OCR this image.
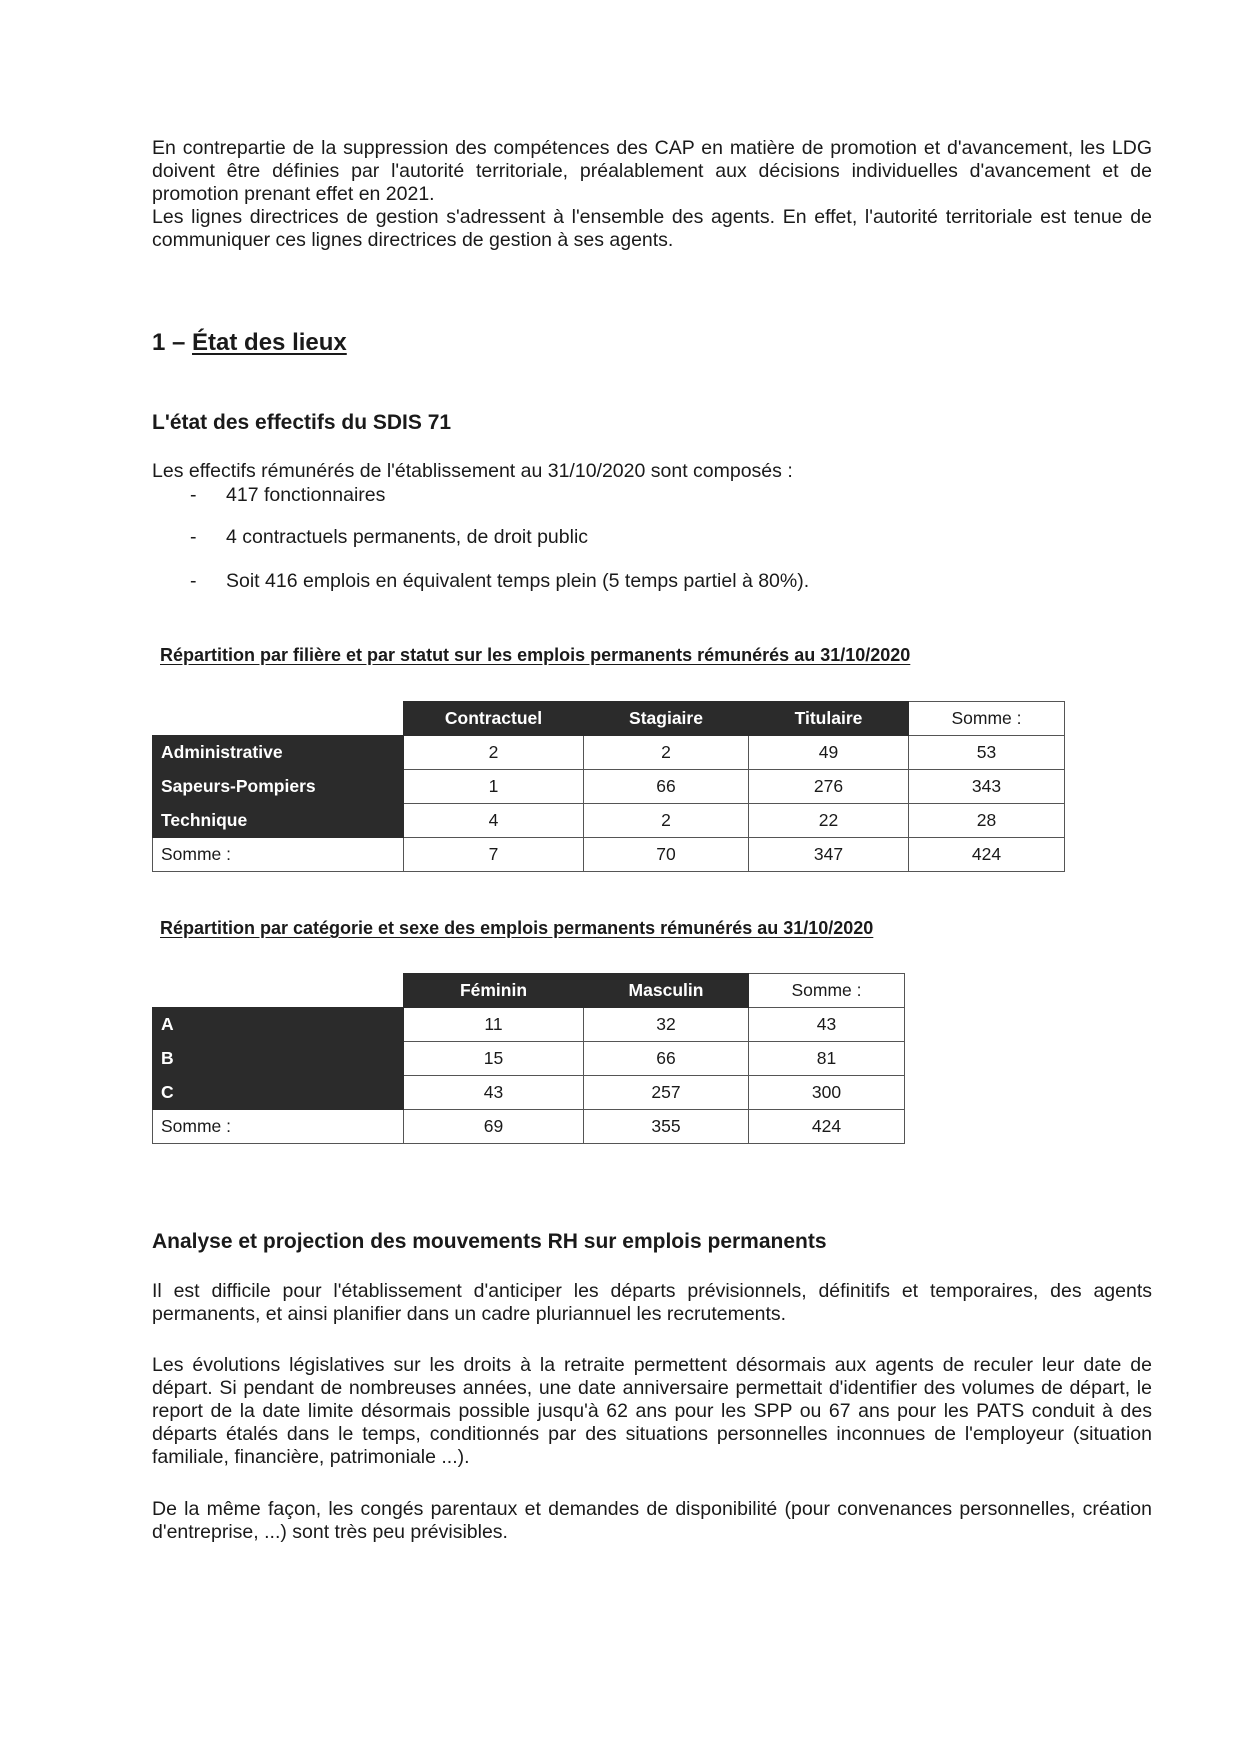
En contrepartie de la suppression des compétences des CAP en matière de promotion et d'avancement, les LDG doivent être définies par l'autorité territoriale, préalablement aux décisions individuelles d'avancement et de promotion prenant effet en 2021.

Les lignes directrices de gestion s'adressent à l'ensemble des agents. En effet, l'autorité territoriale est tenue de communiquer ces lignes directrices de gestion à ses agents.

1 – État des lieux
L'état des effectifs du SDIS 71
Les effectifs rémunérés de l'établissement au 31/10/2020 sont composés :
- 417 fonctionnaires
- 4 contractuels permanents, de droit public
- Soit 416 emplois en équivalent temps plein (5 temps partiel à 80%).
Répartition par filière et par statut sur les emplois permanents rémunérés au 31/10/2020
	Contractuel	Stagiaire	Titulaire	Somme :
Administrative	2	2	49	53
Sapeurs-Pompiers	1	66	276	343
Technique	4	2	22	28
Somme :	7	70	347	424
Répartition par catégorie et sexe des emplois permanents rémunérés au 31/10/2020
	Féminin	Masculin	Somme :
A	11	32	43
B	15	66	81
C	43	257	300
Somme :	69	355	424
Analyse et projection des mouvements RH sur emplois permanents

Il est difficile pour l'établissement d'anticiper les départs prévisionnels, définitifs et temporaires, des agents permanents, et ainsi planifier dans un cadre pluriannuel les recrutements.

Les évolutions législatives sur les droits à la retraite permettent désormais aux agents de reculer leur date de départ. Si pendant de nombreuses années, une date anniversaire permettait d'identifier des volumes de départ, le report de la date limite désormais possible jusqu'à 62 ans pour les SPP ou 67 ans pour les PATS conduit à des départs étalés dans le temps, conditionnés par des situations personnelles inconnues de l'employeur (situation familiale, financière, patrimoniale ...).

De la même façon, les congés parentaux et demandes de disponibilité (pour convenances personnelles, création d'entreprise, ...) sont très peu prévisibles.
